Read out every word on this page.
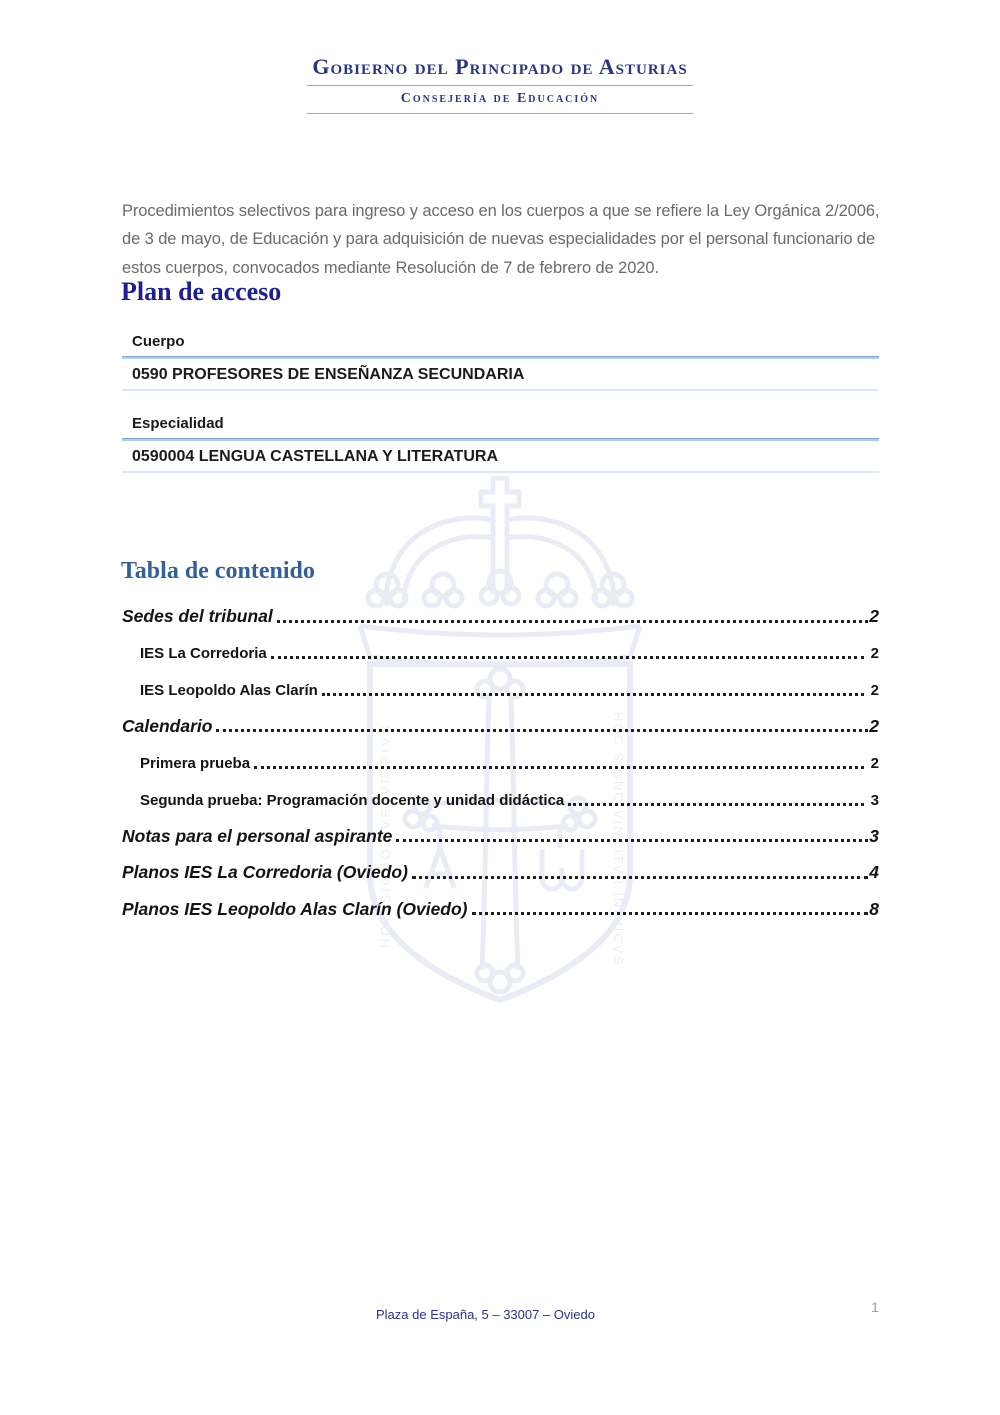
HOC SIGNO TVETVR PIVS	HOC SIGNO VINCITVR INIMICVS
Gobierno del Principado de Asturias
Consejería de Educación

Procedimientos selectivos para ingreso y acceso en los cuerpos a que se refiere la Ley Orgánica 2/2006, de 3 de mayo, de Educación y para adquisición de nuevas especialidades por el personal funcionario de estos cuerpos, convocados mediante Resolución de 7 de febrero de 2020.

Plan de acceso
Cuerpo
0590 PROFESORES DE ENSEÑANZA SECUNDARIA
Especialidad
0590004 LENGUA CASTELLANA Y LITERATURA
Tabla de contenido
Sedes del tribunal	2
IES La Corredoria	2
IES Leopoldo Alas Clarín	2
Calendario	2
Primera prueba	2
Segunda prueba: Programación docente y unidad didáctica	3
Notas para el personal aspirante	3
Planos IES La Corredoria (Oviedo)	4
Planos IES Leopoldo Alas Clarín (Oviedo)	8
Plaza de España, 5 – 33007 – Oviedo	1
